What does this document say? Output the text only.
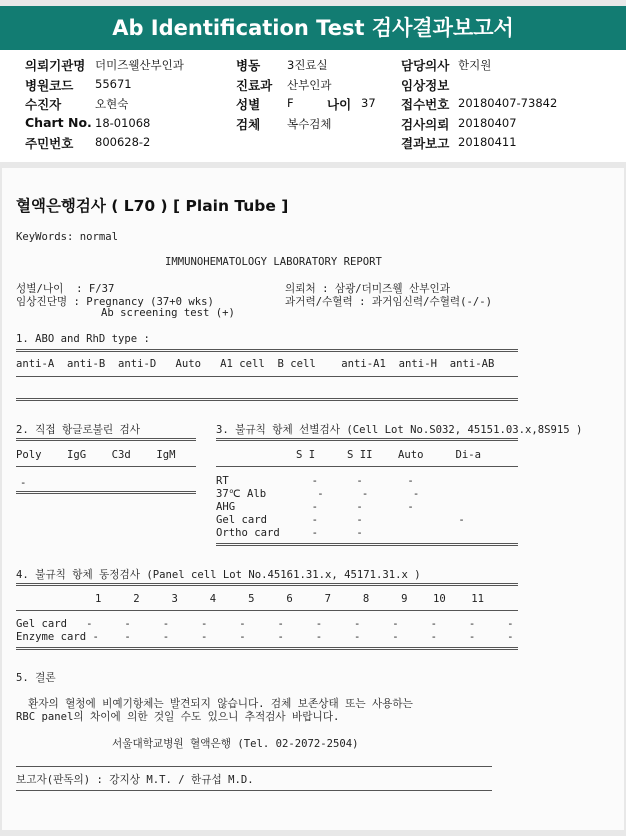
Ab Identification Test 검사결과보고서
의뢰기관명 더미즈웰산부인과
병원코드 55671
수진자	오현숙
Chart No. 18-01068
주민번호 800628-2
병동 3진료실
진료과 산부인과
성별 F	나이 37
검체 복수검체
담당의사 한지원
임상정보
접수번호 20180407-73842
검사의뢰 20180407
결과보고 20180411
혈액은행검사 ( L70 ) [ Plain Tube ]
KeyWords: normal
IMMUNOHEMATOLOGY LABORATORY REPORT
성별/나이  : F/37
임상진단명 : Pregnancy (37+0 wks)
Ab screening test (+)
의뢰처 : 삼광/더미즈웰 산부인과
과거력/수혈력 : 과거임신력/수혈력(-/-)
1. ABO and RhD type :
anti-A  anti-B  anti-D   Auto   A1 cell  B cell    anti-A1  anti-H  anti-AB
2. 직접 항글로불린 검사
Poly    IgG    C3d    IgM
-
3. 불규칙 항체 선별검사 (Cell Lot No.S032, 45151.03.x,8S915 )
S I     S II    Auto     Di-a
RT             -      -       -
37℃ Alb        -      -       -
AHG            -      -       -
Gel card       -      -               -
Ortho card     -      -
4. 불규칙 항체 동정검사 (Panel cell Lot No.45161.31.x, 45171.31.x )
1     2     3     4     5     6     7     8     9    10    11
Gel card   -     -     -     -     -     -     -     -     -     -     -     -
Enzyme card -    -     -     -     -     -     -     -     -     -     -     -
5. 결론
환자의 혈청에 비예기항체는 발견되지 않습니다. 검체 보존상태 또는 사용하는
RBC panel의 차이에 의한 것일 수도 있으니 추적검사 바랍니다.
서울대학교병원 혈액은행 (Tel. 02-2072-2504)
보고자(판독의) : 강지상 M.T. / 한규섭 M.D.
